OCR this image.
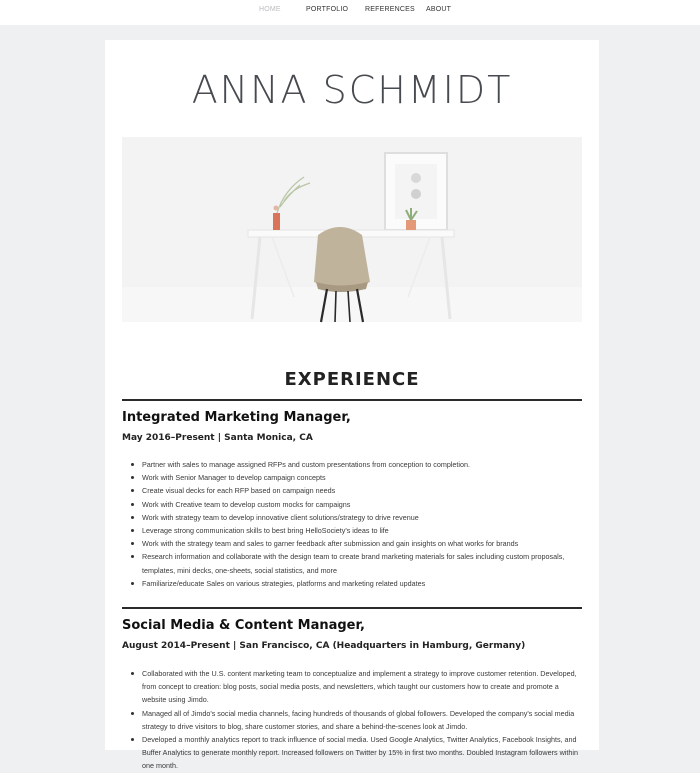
HOME	PORTFOLIO REFERENCES ABOUT
ANNA SCHMIDT
EXPERIENCE
Integrated Marketing Manager,
May 2016–Present | Santa Monica, CA
Partner with sales to manage assigned RFPs and custom presentations from conception to completion.
Work with Senior Manager to develop campaign concepts
Create visual decks for each RFP based on campaign needs
Work with Creative team to develop custom mocks for campaigns
Work with strategy team to develop innovative client solutions/strategy to drive revenue
Leverage strong communication skills to best bring HelloSociety's ideas to life
Work with the strategy team and sales to garner feedback after submission and gain insights on what works for brands
Research information and collaborate with the design team to create brand marketing materials for sales including custom proposals, templates, mini decks, one-sheets, social statistics, and more
Familiarize/educate Sales on various strategies, platforms and marketing related updates
Social Media & Content Manager,
August 2014–Present | San Francisco, CA (Headquarters in Hamburg, Germany)
Collaborated with the U.S. content marketing team to conceptualize and implement a strategy to improve customer retention. Developed, from concept to creation: blog posts, social media posts, and newsletters, which taught our customers how to create and promote a website using Jimdo.
Managed all of Jimdo's social media channels, facing hundreds of thousands of global followers. Developed the company's social media strategy to drive visitors to blog, share customer stories, and share a behind-the-scenes look at Jimdo.
Developed a monthly analytics report to track influence of social media. Used Google Analytics, Twitter Analytics, Facebook Insights, and Buffer Analytics to generate monthly report. Increased followers on Twitter by 15% in first two months. Doubled Instagram followers within one month.
